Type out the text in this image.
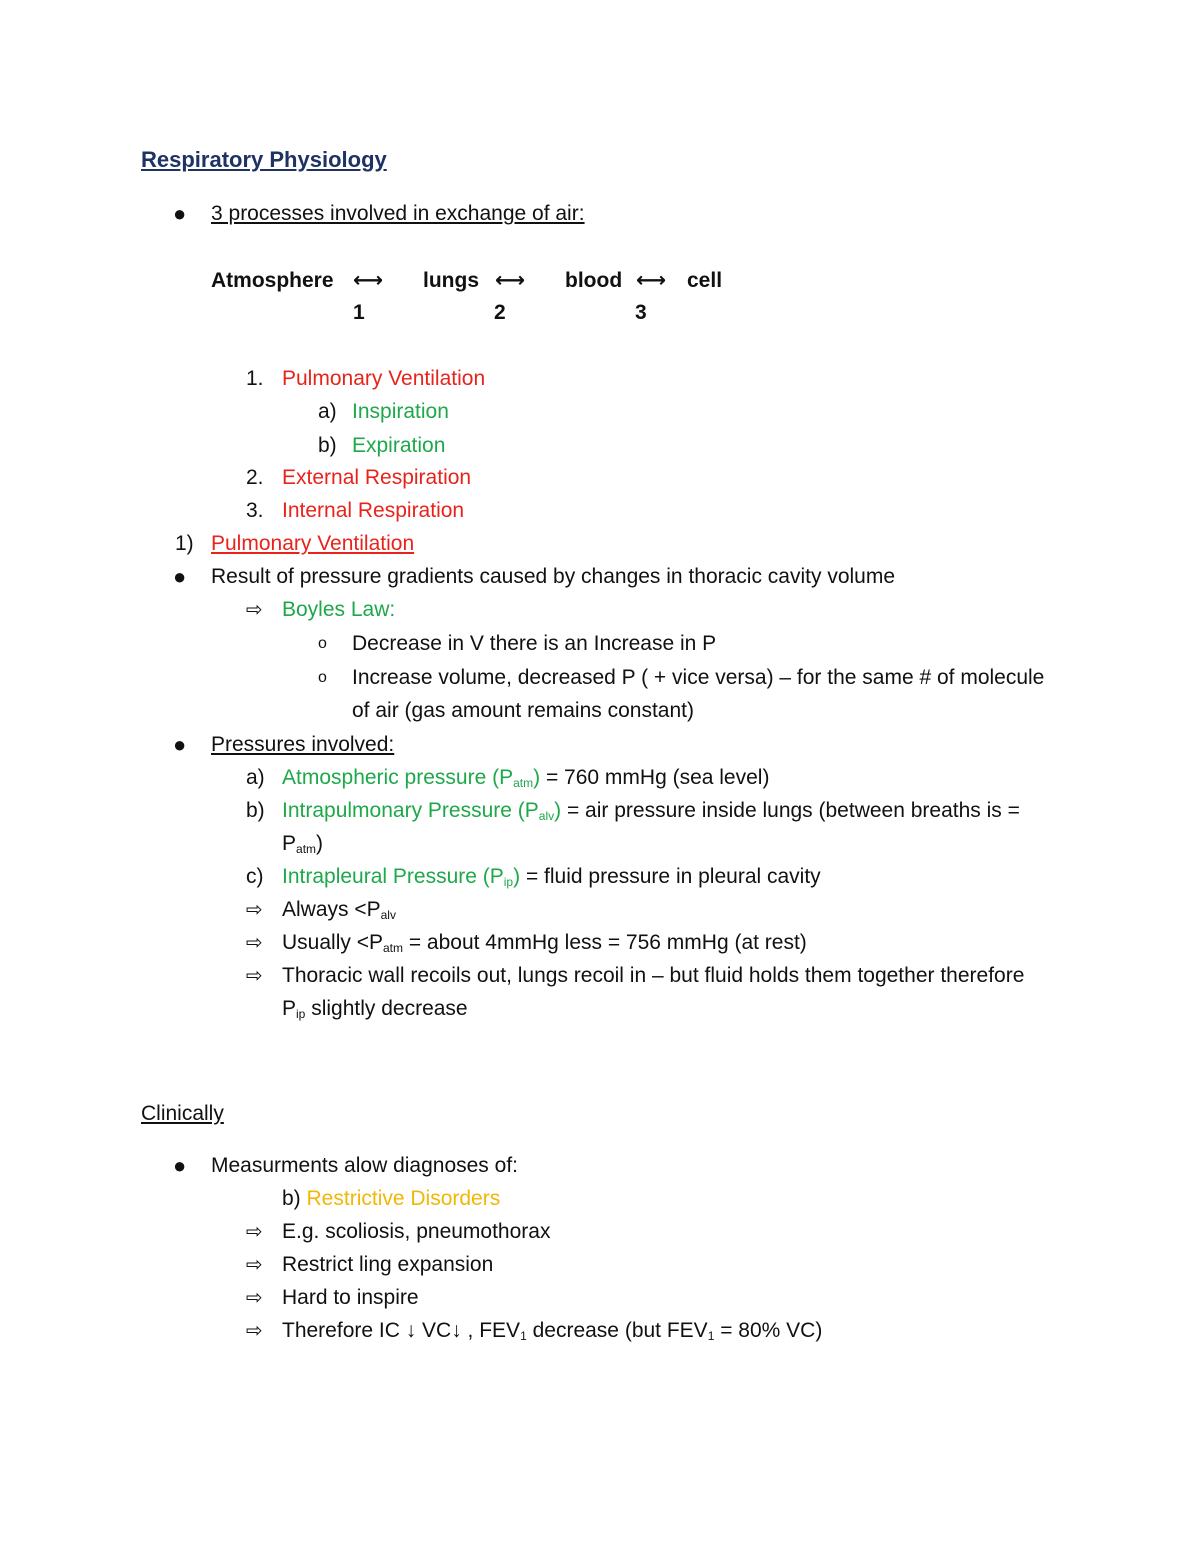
Respiratory Physiology
● 3 processes involved in exchange of air:
Atmosphere ⟷ lungs ⟷ blood ⟷ cell
1	2	3
1. Pulmonary Ventilation
a) Inspiration
b) Expiration
2. External Respiration
3. Internal Respiration
1) Pulmonary Ventilation
● Result of pressure gradients caused by changes in thoracic cavity volume
⇨ Boyles Law:
o Decrease in V there is an Increase in P
o Increase volume, decreased P ( + vice versa) – for the same # of molecule
of air (gas amount remains constant)
● Pressures involved:
a) Atmospheric pressure $(P_{atm}) = 760$ mmHg (sea level)
b) Intrapulmonary Pressure $(P_{alv})$ = air pressure inside lungs (between breaths is =
$P_{atm}$)
c) Intrapleural Pressure $(P_{ip})$ = fluid pressure in pleural cavity
⇨ Always $<P_{alv}$
⇨ Usually $<P_{atm}$ = about 4mmHg less = 756 mmHg (at rest)
⇨ Thoracic wall recoils out, lungs recoil in – but fluid holds them together therefore
$P_{ip}$ slightly decrease
Clinically
● Measurments alow diagnoses of:
b) Restrictive Disorders
⇨ E.g. scoliosis, pneumothorax
⇨ Restrict ling expansion
⇨ Hard to inspire
⇨ Therefore IC ↓ VC↓ , $FEV_1$ decrease (but $FEV_1 = 80\%$ VC)
